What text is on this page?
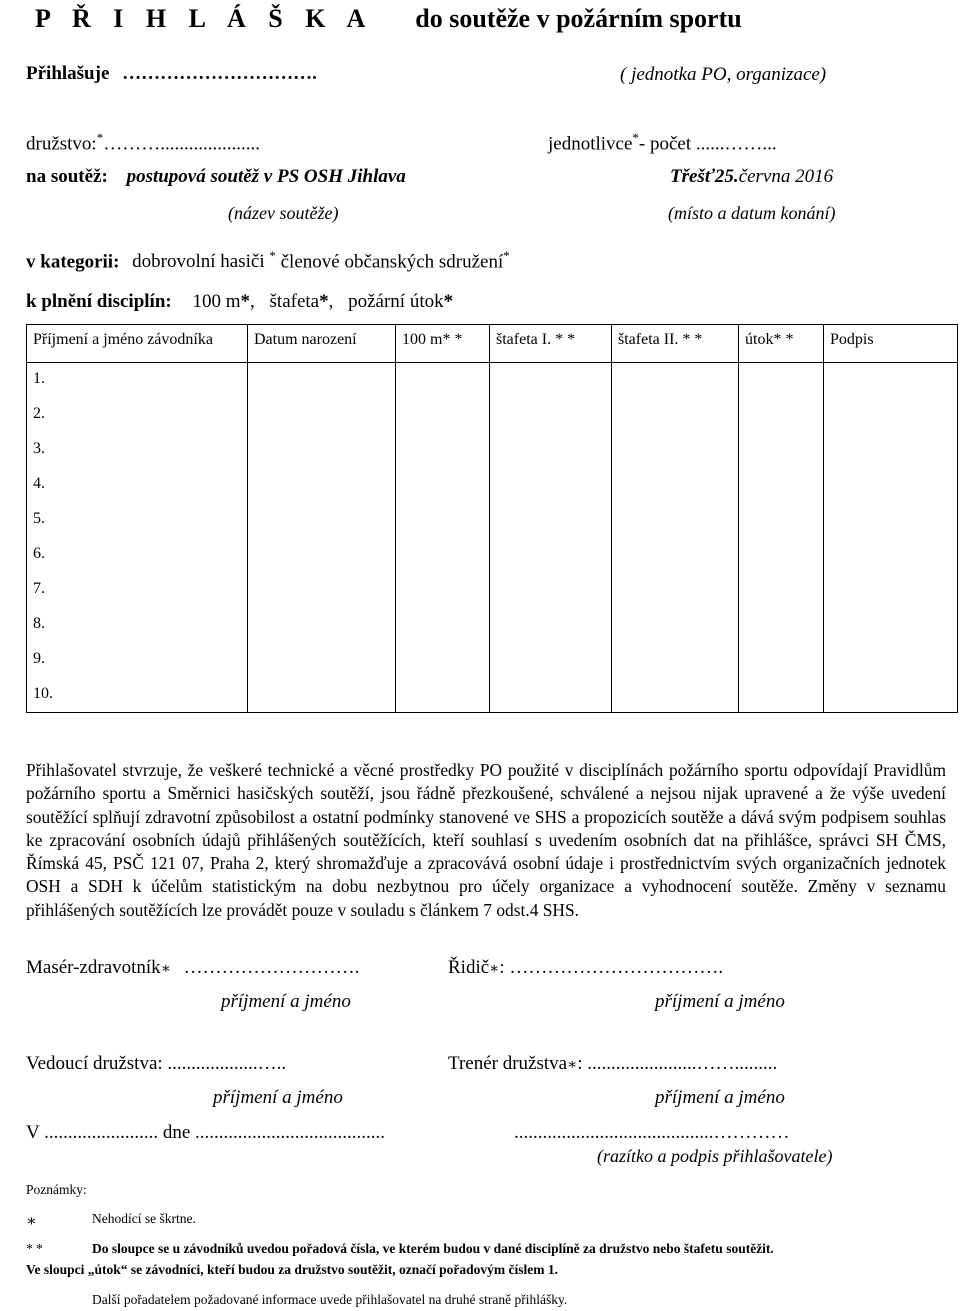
P Ř I H L Á Š K A do soutěže v požárním sportu
Přihlašuje ………………………….	( jednotka PO, organizace)
družstvo:*……….....................	jednotlivce*- počet ......……...
na soutěž: postupová soutěž v PS OSH Jihlava	Třešť25.června 2016
(název soutěže)	(místo a datum konání)
v kategorii: dobrovolní hasiči * členové občanských sdružení*
k plnění disciplín: 100 m*, štafeta*, požární útok*
Příjmení a jméno závodníka	Datum narození	100 m* *	štafeta I. * *	štafeta II. * *	útok* *	Podpis
1.						
2.						
3.						
4.						
5.						
6.						
7.						
8.						
9.						
10.						
Přihlašovatel stvrzuje, že veškeré technické a věcné prostředky PO použité v disciplínách požárního sportu odpovídají Pravidlům požárního sportu a Směrnici hasičských soutěží, jsou řádně přezkoušené, schválené a nejsou nijak upravené a že výše uvedení soutěžící splňují zdravotní způsobilost a ostatní podmínky stanovené ve SHS a propozicích soutěže a dává svým podpisem souhlas ke zpracování osobních údajů přihlášených soutěžících, kteří souhlasí s uvedením osobních dat na přihlášce, správci SH ČMS, Římská 45, PSČ 121 07, Praha 2, který shromažďuje a zpracovává osobní údaje i prostřednictvím svých organizačních jednotek OSH a SDH k účelům statistickým na dobu nezbytnou pro účely organizace a vyhodnocení soutěže. Změny v seznamu přihlášených soutěžících lze provádět pouze v souladu s článkem 7 odst.4 SHS.
Masér-zdravotník∗ ……………………….	Řidič∗: …………………………….
příjmení a jméno	příjmení a jméno
Vedoucí družstva: ...................…..	Trenér družstva∗: .......................…….........
příjmení a jméno	příjmení a jméno
V ........................ dne ........................................	..........................................…………
(razítko a podpis přihlašovatele)
Poznámky:
∗	Nehodící se škrtne.
* *	Do sloupce se u závodníků uvedou pořadová čísla, ve kterém budou v dané disciplíně za družstvo nebo štafetu soutěžit.
Ve sloupci „útok“ se závodníci, kteří budou za družstvo soutěžit, označí pořadovým číslem 1.
Další pořadatelem požadované informace uvede přihlašovatel na druhé straně přihlášky.
